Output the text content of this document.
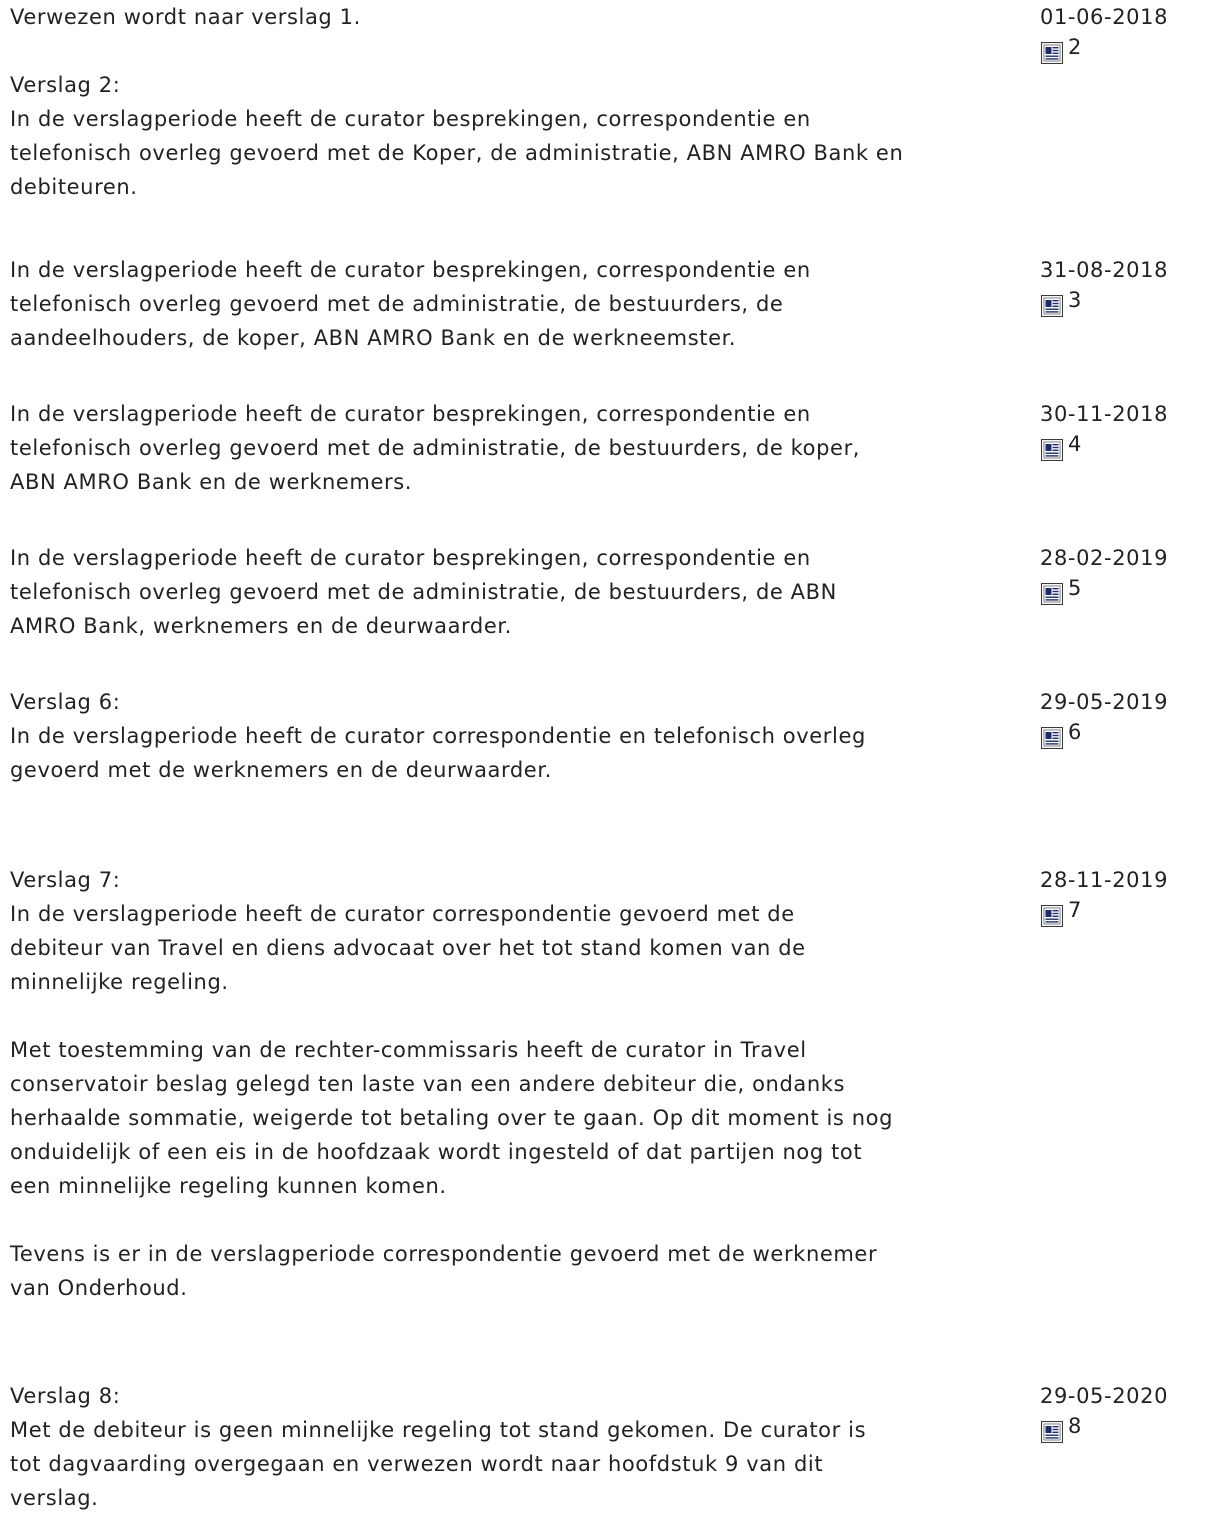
Verwezen wordt naar verslag 1.
Verslag 2:
In de verslagperiode heeft de curator besprekingen, correspondentie en
telefonisch overleg gevoerd met de Koper, de administratie, ABN AMRO Bank en
debiteuren.
01-06-2018
2
In de verslagperiode heeft de curator besprekingen, correspondentie en
telefonisch overleg gevoerd met de administratie, de bestuurders, de
aandeelhouders, de koper, ABN AMRO Bank en de werkneemster.
31-08-2018
3
In de verslagperiode heeft de curator besprekingen, correspondentie en
telefonisch overleg gevoerd met de administratie, de bestuurders, de koper,
ABN AMRO Bank en de werknemers.
30-11-2018
4
In de verslagperiode heeft de curator besprekingen, correspondentie en
telefonisch overleg gevoerd met de administratie, de bestuurders, de ABN
AMRO Bank, werknemers en de deurwaarder.
28-02-2019
5
Verslag 6:
In de verslagperiode heeft de curator correspondentie en telefonisch overleg
gevoerd met de werknemers en de deurwaarder.
29-05-2019
6
Verslag 7:
In de verslagperiode heeft de curator correspondentie gevoerd met de
debiteur van Travel en diens advocaat over het tot stand komen van de
minnelijke regeling.
Met toestemming van de rechter-commissaris heeft de curator in Travel
conservatoir beslag gelegd ten laste van een andere debiteur die, ondanks
herhaalde sommatie, weigerde tot betaling over te gaan. Op dit moment is nog
onduidelijk of een eis in de hoofdzaak wordt ingesteld of dat partijen nog tot
een minnelijke regeling kunnen komen.
Tevens is er in de verslagperiode correspondentie gevoerd met de werknemer
van Onderhoud.
28-11-2019
7
Verslag 8:
Met de debiteur is geen minnelijke regeling tot stand gekomen. De curator is
tot dagvaarding overgegaan en verwezen wordt naar hoofdstuk 9 van dit
verslag.
29-05-2020
8
